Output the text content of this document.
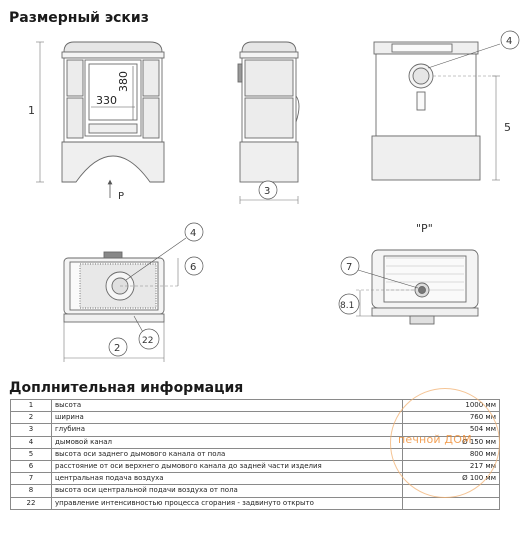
Размерный эскиз
1
330
380
P	3
4
5
4
6
2
22
"P"
7
8.1
Доплнительная информация
1	высота	1000 мм
2	ширина	760 мм
3	глубина	504 мм
4	дымовой канал	Ø 150 мм
5	высота оси заднего дымового канала от пола	800 мм
6	расстояние от оси верхнего дымового канала до задней части изделия	217 мм
7	центральная подача воздуха	Ø 100 мм
8	высота оси центральной подачи воздуха от пола	
22	управление интенсивностью процесса сгорания - задвинуто открыто	
печной ДОМ
